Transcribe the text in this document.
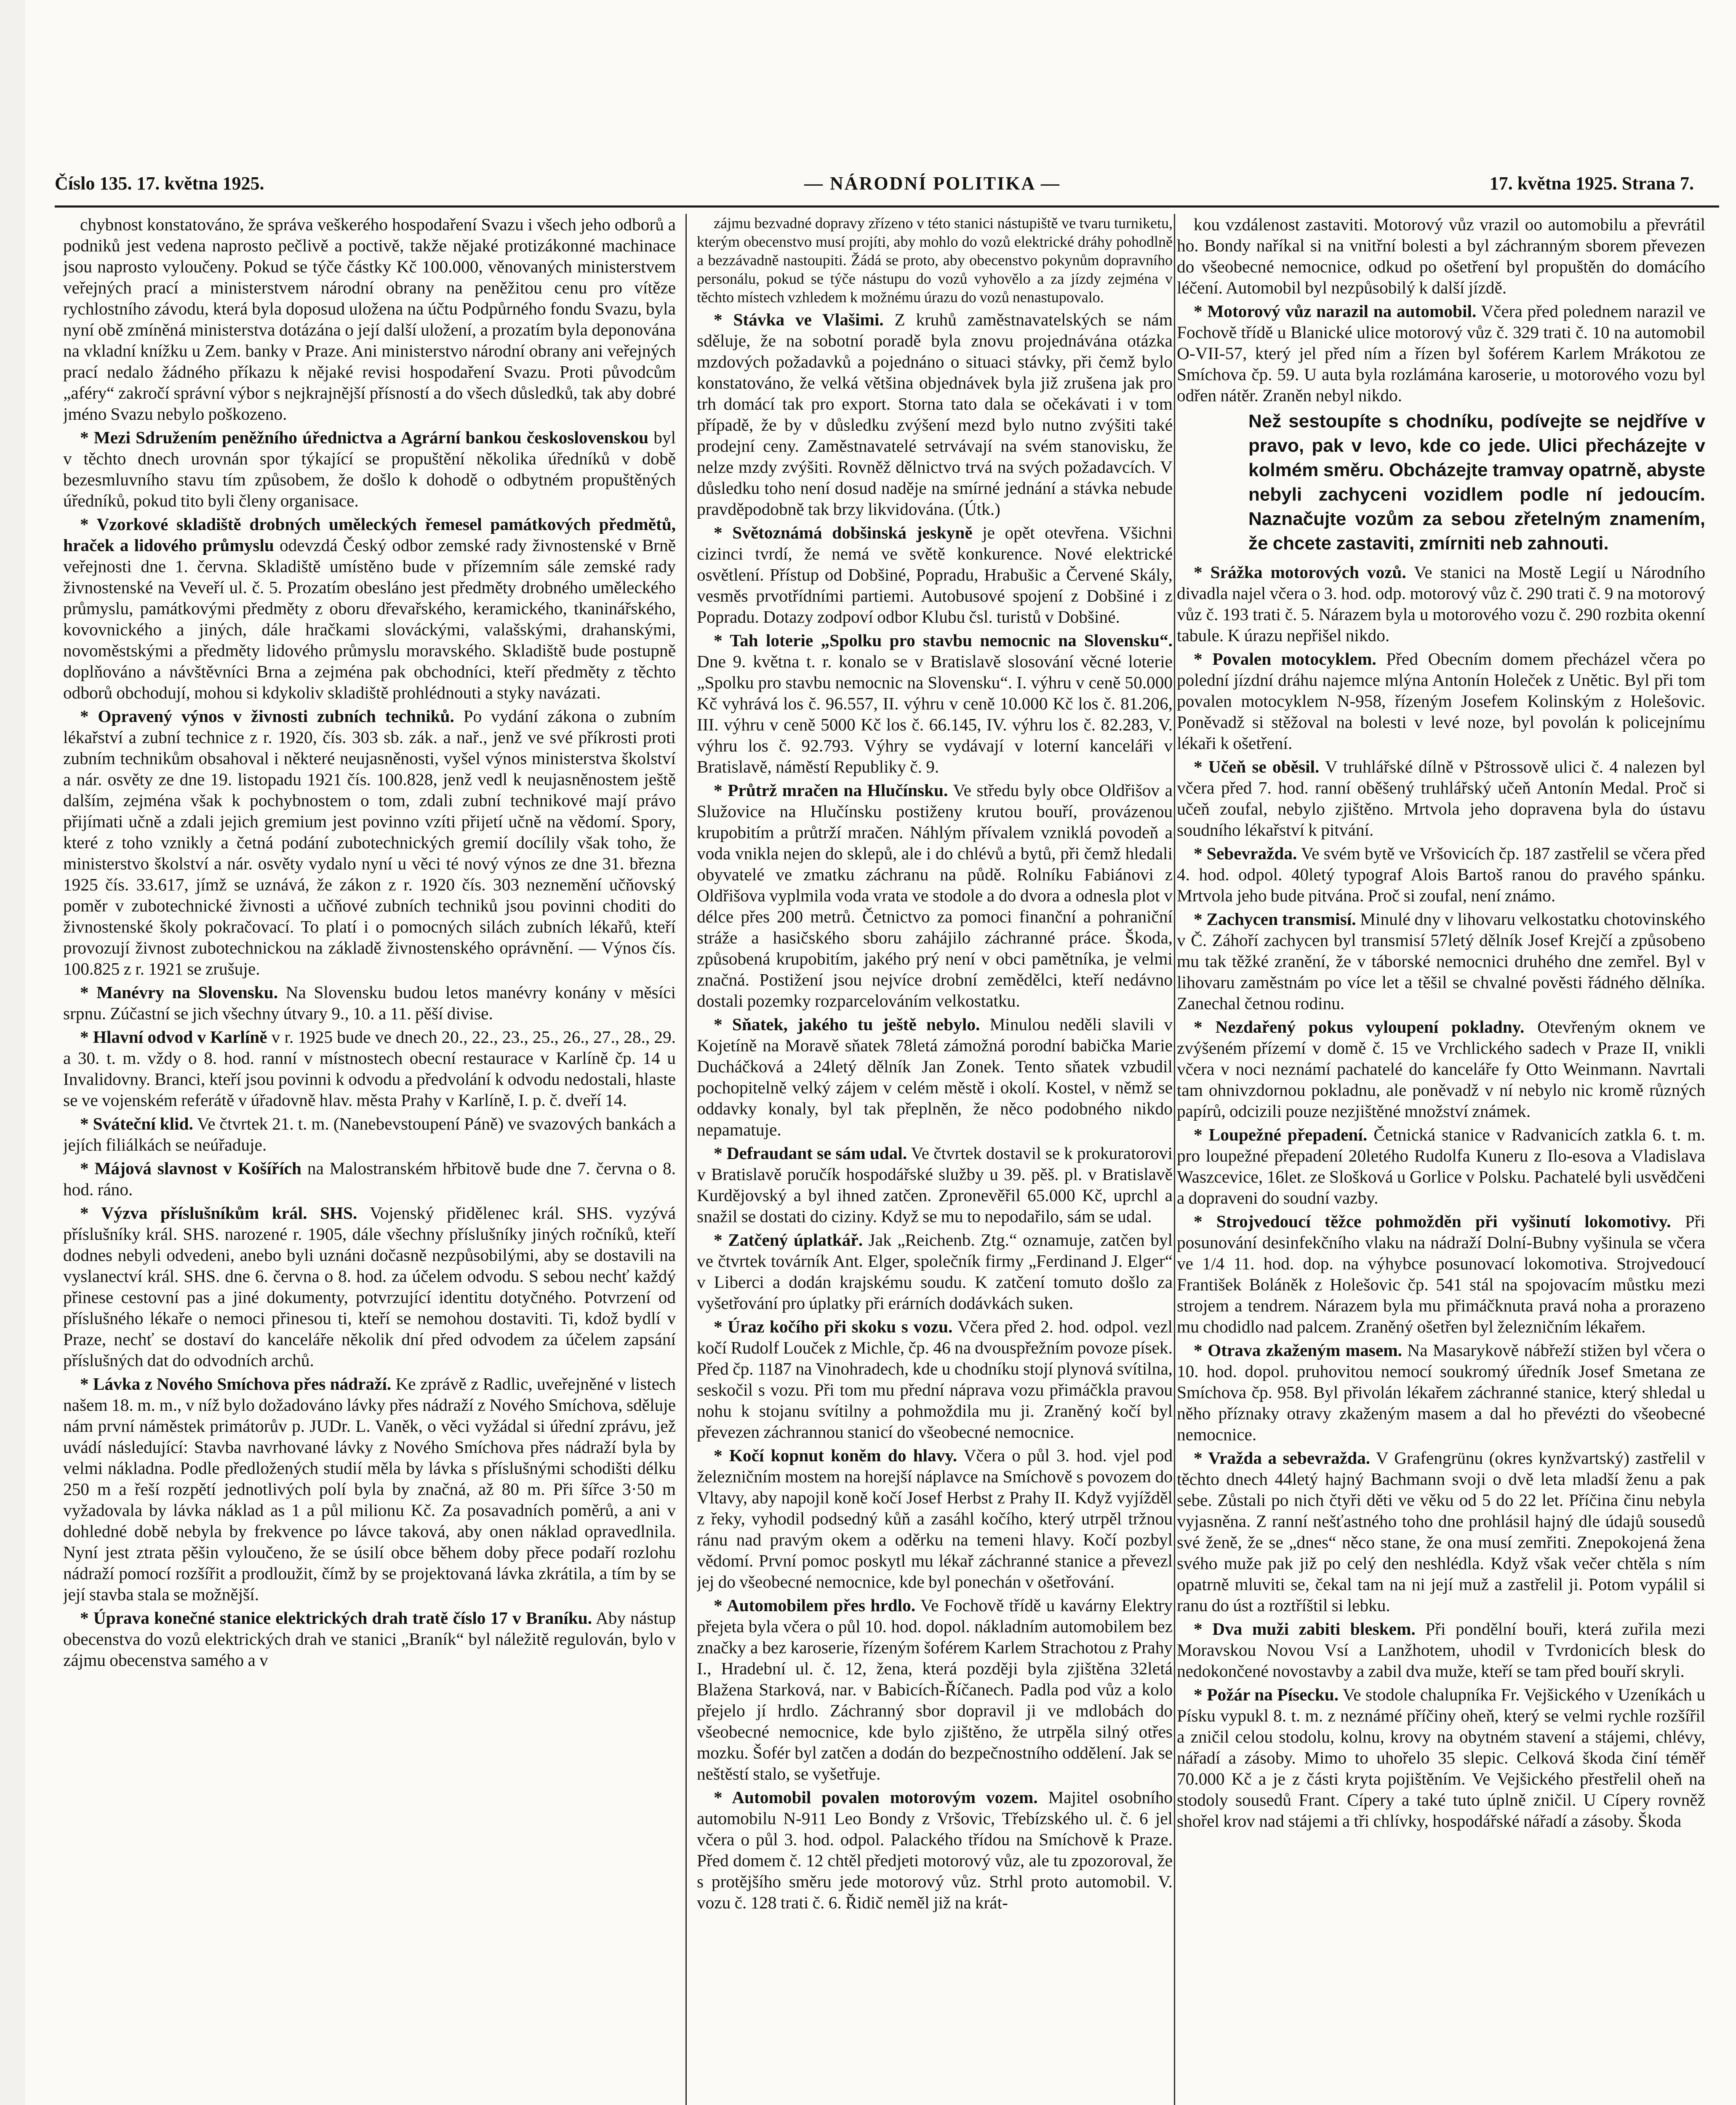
Číslo 135. 17. května 1925.	— NÁRODNÍ POLITIKA —	17. května 1925. Strana 7.

chybnost konstatováno, že správa veškerého hospodaření Svazu i všech jeho odborů a podniků jest vedena naprosto pečlivě a poctivě, takže nějaké protizákonné machinace jsou naprosto vyloučeny. Pokud se týče částky Kč 100.000, věnovaných ministerstvem veřejných prací a ministerstvem národní obrany na peněžitou cenu pro vítěze rychlostního závodu, která byla doposud uložena na účtu Podpůrného fondu Svazu, byla nyní obě zmíněná ministerstva dotázána o její další uložení, a prozatím byla deponována na vkladní knížku u Zem. banky v Praze. Ani ministerstvo národní obrany ani veřejných prací nedalo žádného příkazu k nějaké revisi hospodaření Svazu. Proti původcům „aféry“ zakročí správní výbor s nejkrajnější přísností a do všech důsledků, tak aby dobré jméno Svazu nebylo poškozeno.

* Mezi Sdružením peněžního úřednictva a Agrární bankou československou byl v těchto dnech urovnán spor týkající se propuštění několika úředníků v době bezesmluvního stavu tím způsobem, že došlo k dohodě o odbytném propuštěných úředníků, pokud tito byli členy organisace.

* Vzorkové skladiště drobných uměleckých řemesel památkových předmětů, hraček a lidového průmyslu odevzdá Český odbor zemské rady živnostenské v Brně veřejnosti dne 1. června. Skladiště umístěno bude v přízemním sále zemské rady živnostenské na Veveří ul. č. 5. Prozatím obesláno jest předměty drobného uměleckého průmyslu, památkovými předměty z oboru dřevařského, keramického, tkaninářského, kovovnického a jiných, dále hračkami slováckými, valašskými, drahanskými, novoměstskými a předměty lidového průmyslu moravského. Skladiště bude postupně doplňováno a návštěvníci Brna a zejména pak obchodníci, kteří předměty z těchto odborů obchodují, mohou si kdykoliv skladiště prohlédnouti a styky navázati.

* Opravený výnos v živnosti zubních techniků. Po vydání zákona o zubním lékařství a zubní technice z r. 1920, čís. 303 sb. zák. a nař., jenž ve své příkrosti proti zubním technikům obsahoval i některé neujasněnosti, vyšel výnos ministerstva školství a nár. osvěty ze dne 19. listopadu 1921 čís. 100.828, jenž vedl k neujasněnostem ještě dalším, zejména však k pochybnostem o tom, zdali zubní technikové mají právo přijímati učně a zdali jejich gremium jest povinno vzíti přijetí učně na vědomí. Spory, které z toho vznikly a četná podání zubotechnických gremií docílily však toho, že ministerstvo školství a nár. osvěty vydalo nyní u věci té nový výnos ze dne 31. března 1925 čís. 33.617, jímž se uznává, že zákon z r. 1920 čís. 303 neznemění učňovský poměr v zubotechnické živnosti a učňové zubních techniků jsou povinni choditi do živnostenské školy pokračovací. To platí i o pomocných silách zubních lékařů, kteří provozují živnost zubotechnickou na základě živnostenského oprávnění. — Výnos čís. 100.825 z r. 1921 se zrušuje.

* Manévry na Slovensku. Na Slovensku budou letos manévry konány v měsíci srpnu. Zúčastní se jich všechny útvary 9., 10. a 11. pěší divise.

* Hlavní odvod v Karlíně v r. 1925 bude ve dnech 20., 22., 23., 25., 26., 27., 28., 29. a 30. t. m. vždy o 8. hod. ranní v místnostech obecní restaurace v Karlíně čp. 14 u Invalidovny. Branci, kteří jsou povinni k odvodu a předvolání k odvodu nedostali, hlaste se ve vojenském referátě v úřadovně hlav. města Prahy v Karlíně, I. p. č. dveří 14.

* Sváteční klid. Ve čtvrtek 21. t. m. (Nanebevstoupení Páně) ve svazových bankách a jejích filiálkách se neúřaduje.

* Májová slavnost v Košířích na Malostranském hřbitově bude dne 7. června o 8. hod. ráno.

* Výzva příslušníkům král. SHS. Vojenský přidělenec král. SHS. vyzývá příslušníky král. SHS. narozené r. 1905, dále všechny příslušníky jiných ročníků, kteří dodnes nebyli odvedeni, anebo byli uznáni dočasně nezpůsobilými, aby se dostavili na vyslanectví král. SHS. dne 6. června o 8. hod. za účelem odvodu. S sebou nechť každý přinese cestovní pas a jiné dokumenty, potvrzující identitu dotyčného. Potvrzení od příslušného lékaře o nemoci přinesou ti, kteří se nemohou dostaviti. Ti, kdož bydlí v Praze, nechť se dostaví do kanceláře několik dní před odvodem za účelem zapsání příslušných dat do odvodních archů.

* Lávka z Nového Smíchova přes nádraží. Ke zprávě z Radlic, uveřejněné v listech našem 18. m. m., v níž bylo dožadováno lávky přes nádraží z Nového Smíchova, sděluje nám první náměstek primátorův p. JUDr. L. Vaněk, o věci vyžádal si úřední zprávu, jež uvádí následující: Stavba navrhované lávky z Nového Smíchova přes nádraží byla by velmi nákladna. Podle předložených studií měla by lávka s příslušnými schodišti délku 250 m a řeší rozpětí jednotlivých polí byla by značná, až 80 m. Při šířce 3·50 m vyžadovala by lávka náklad as 1 a půl milionu Kč. Za posavadních poměrů, a ani v dohledné době nebyla by frekvence po lávce taková, aby onen náklad opravedlnila. Nyní jest ztrata pěšin vyloučeno, že se úsilí obce během doby přece podaří rozlohu nádraží pomocí rozšířit a prodloužit, čímž by se projektovaná lávka zkrátila, a tím by se její stavba stala se možnější.

* Úprava konečné stanice elektrických drah tratě číslo 17 v Braníku. Aby nástup obecenstva do vozů elektrických drah ve stanici „Braník“ byl náležitě regulován, bylo v zájmu obecenstva samého a v

zájmu bezvadné dopravy zřízeno v této stanici nástupiště ve tvaru turniketu, kterým obecenstvo musí projíti, aby mohlo do vozů elektrické dráhy pohodlně a bezzávadně nastoupiti. Žádá se proto, aby obecenstvo pokynům dopravního personálu, pokud se týče nástupu do vozů vyhovělo a za jízdy zejména v těchto místech vzhledem k možnému úrazu do vozů nenastupovalo.

* Stávka ve Vlašimi. Z kruhů zaměstnavatelských se nám sděluje, že na sobotní poradě byla znovu projednávána otázka mzdových požadavků a pojednáno o situaci stávky, při čemž bylo konstatováno, že velká většina objednávek byla již zrušena jak pro trh domácí tak pro export. Storna tato dala se očekávati i v tom případě, že by v důsledku zvýšení mezd bylo nutno zvýšiti také prodejní ceny. Zaměstnavatelé setrvávají na svém stanovisku, že nelze mzdy zvýšiti. Rovněž dělnictvo trvá na svých požadavcích. V důsledku toho není dosud naděje na smírné jednání a stávka nebude pravděpodobně tak brzy likvidována. (Útk.)

* Světoznámá dobšinská jeskyně je opět otevřena. Všichni cizinci tvrdí, že nemá ve světě konkurence. Nové elektrické osvětlení. Přístup od Dobšiné, Popradu, Hrabušic a Červené Skály, vesměs prvotřídními partiemi. Autobusové spojení z Dobšiné i z Popradu. Dotazy zodpoví odbor Klubu čsl. turistů v Dobšiné.

* Tah loterie „Spolku pro stavbu nemocnic na Slovensku“. Dne 9. května t. r. konalo se v Bratislavě slosování věcné loterie „Spolku pro stavbu nemocnic na Slovensku“. I. výhru v ceně 50.000 Kč vyhrává los č. 96.557, II. výhru v ceně 10.000 Kč los č. 81.206, III. výhru v ceně 5000 Kč los č. 66.145, IV. výhru los č. 82.283, V. výhru los č. 92.793. Výhry se vydávají v loterní kanceláři v Bratislavě, náměstí Republiky č. 9.

* Průtrž mračen na Hlučínsku. Ve středu byly obce Oldřišov a Služovice na Hlučínsku postiženy krutou bouří, provázenou krupobitím a průtrží mračen. Náhlým přívalem vzniklá povodeň a voda vnikla nejen do sklepů, ale i do chlévů a bytů, při čemž hledali obyvatelé ve zmatku záchranu na půdě. Rolníku Fabiánovi z Oldřišova vyplmila voda vrata ve stodole a do dvora a odnesla plot v délce přes 200 metrů. Četnictvo za pomoci finanční a pohraniční stráže a hasičského sboru zahájilo záchranné práce. Škoda, způsobená krupobitím, jakého prý není v obci pamětníka, je velmi značná. Postižení jsou nejvíce drobní zemědělci, kteří nedávno dostali pozemky rozparcelováním velkostatku.

* Sňatek, jakého tu ještě nebylo. Minulou neděli slavili v Kojetíně na Moravě sňatek 78letá zámožná porodní babička Marie Ducháčková a 24letý dělník Jan Zonek. Tento sňatek vzbudil pochopitelně velký zájem v celém městě i okolí. Kostel, v němž se oddavky konaly, byl tak přeplněn, že něco podobného nikdo nepamatuje.

* Defraudant se sám udal. Ve čtvrtek dostavil se k prokuratorovi v Bratislavě poručík hospodářské služby u 39. pěš. pl. v Bratislavě Kurdějovský a byl ihned zatčen. Zpronevěřil 65.000 Kč, uprchl a snažil se dostati do ciziny. Když se mu to nepodařilo, sám se udal.

* Zatčený úplatkář. Jak „Reichenb. Ztg.“ oznamuje, zatčen byl ve čtvrtek továrník Ant. Elger, společník firmy „Ferdinand J. Elger“ v Liberci a dodán krajskému soudu. K zatčení tomuto došlo za vyšetřování pro úplatky při erárních dodávkách suken.

* Úraz kočího při skoku s vozu. Včera před 2. hod. odpol. vezl kočí Rudolf Louček z Michle, čp. 46 na dvouspřežním povoze písek. Před čp. 1187 na Vinohradech, kde u chodníku stojí plynová svítilna, seskočil s vozu. Při tom mu přední náprava vozu přimáčkla pravou nohu k stojanu svítilny a pohmoždila mu ji. Zraněný kočí byl převezen záchrannou stanicí do všeobecné nemocnice.

* Kočí kopnut koněm do hlavy. Včera o půl 3. hod. vjel pod železničním mostem na horejší náplavce na Smíchově s povozem do Vltavy, aby napojil koně kočí Josef Herbst z Prahy II. Když vyjížděl z řeky, vyhodil podsedný kůň a zasáhl kočího, který utrpěl tržnou ránu nad pravým okem a oděrku na temeni hlavy. Kočí pozbyl vědomí. První pomoc poskytl mu lékař záchranné stanice a převezl jej do všeobecné nemocnice, kde byl ponechán v ošetřování.

* Automobilem přes hrdlo. Ve Fochově třídě u kavárny Elektry přejeta byla včera o půl 10. hod. dopol. nákladním automobilem bez značky a bez karoserie, řízeným šoférem Karlem Strachotou z Prahy I., Hradební ul. č. 12, žena, která později byla zjištěna 32letá Blažena Starková, nar. v Babicích-Říčanech. Padla pod vůz a kolo přejelo jí hrdlo. Záchranný sbor dopravil ji ve mdlobách do všeobecné nemocnice, kde bylo zjištěno, že utrpěla silný otřes mozku. Šofér byl zatčen a dodán do bezpečnostního oddělení. Jak se neštěstí stalo, se vyšetřuje.

* Automobil povalen motorovým vozem. Majitel osobního automobilu N-911 Leo Bondy z Vršovic, Třebízského ul. č. 6 jel včera o půl 3. hod. odpol. Palackého třídou na Smíchově k Praze. Před domem č. 12 chtěl předjeti motorový vůz, ale tu zpozoroval, že s protějšího směru jede motorový vůz. Strhl proto automobil. V. vozu č. 128 trati č. 6. Řidič neměl již na krát-

kou vzdálenost zastaviti. Motorový vůz vrazil oo automobilu a převrátil ho. Bondy naříkal si na vnitřní bolesti a byl záchranným sborem převezen do všeobecné nemocnice, odkud po ošetření byl propuštěn do domácího léčení. Automobil byl nezpůsobilý k další jízdě.

* Motorový vůz narazil na automobil. Včera před polednem narazil ve Fochově třídě u Blanické ulice motorový vůz č. 329 trati č. 10 na automobil O-VII-57, který jel před ním a řízen byl šoférem Karlem Mrákotou ze Smíchova čp. 59. U auta byla rozlámána karoserie, u motorového vozu byl odřen nátěr. Zraněn nebyl nikdo.

Než sestoupíte s chodníku, podívejte se nejdříve v pravo, pak v levo, kde co jede. Ulici přecházejte v kolmém směru. Obcházejte tramvay opatrně, abyste nebyli zachyceni vozidlem podle ní jedoucím. Naznačujte vozům za sebou zřetelným znamením, že chcete zastaviti, zmírniti neb zahnouti.

* Srážka motorových vozů. Ve stanici na Mostě Legií u Národního divadla najel včera o 3. hod. odp. motorový vůz č. 290 trati č. 9 na motorový vůz č. 193 trati č. 5. Nárazem byla u motorového vozu č. 290 rozbita okenní tabule. K úrazu nepřišel nikdo.

* Povalen motocyklem. Před Obecním domem přecházel včera po polední jízdní dráhu najemce mlýna Antonín Holeček z Unětic. Byl při tom povalen motocyklem N-958, řízeným Josefem Kolinským z Holešovic. Poněvadž si stěžoval na bolesti v levé noze, byl povolán k policejnímu lékaři k ošetření.

* Učeň se oběsil. V truhlářské dílně v Pštrossově ulici č. 4 nalezen byl včera před 7. hod. ranní oběšený truhlářský učeň Antonín Medal. Proč si učeň zoufal, nebylo zjištěno. Mrtvola jeho dopravena byla do ústavu soudního lékařství k pitvání.

* Sebevražda. Ve svém bytě ve Vršovicích čp. 187 zastřelil se včera před 4. hod. odpol. 40letý typograf Alois Bartoš ranou do pravého spánku. Mrtvola jeho bude pitvána. Proč si zoufal, není známo.

* Zachycen transmisí. Minulé dny v lihovaru velkostatku chotovinského v Č. Záhoří zachycen byl transmisí 57letý dělník Josef Krejčí a způsobeno mu tak těžké zranění, že v táborské nemocnici druhého dne zemřel. Byl v lihovaru zaměstnám po více let a těšil se chvalné pověsti řádného dělníka. Zanechal četnou rodinu.

* Nezdařený pokus vyloupení pokladny. Otevřeným oknem ve zvýšeném přízemí v domě č. 15 ve Vrchlického sadech v Praze II, vnikli včera v noci neznámí pachatelé do kanceláře fy Otto Weinmann. Navrtali tam ohnivzdornou pokladnu, ale poněvadž v ní nebylo nic kromě různých papírů, odcizili pouze nezjištěné množství známek.

* Loupežné přepadení. Četnická stanice v Radvanicích zatkla 6. t. m. pro loupežné přepadení 20letého Rudolfa Kuneru z Ilo-esova a Vladislava Waszcevice, 16let. ze Slošková u Gorlice v Polsku. Pachatelé byli usvědčeni a dopraveni do soudní vazby.

* Strojvedoucí těžce pohmožděn při vyšinutí lokomotivy. Při posunování desinfekčního vlaku na nádraží Dolní-Bubny vyšinula se včera ve 1/4 11. hod. dop. na výhybce posunovací lokomotiva. Strojvedoucí František Boláněk z Holešovic čp. 541 stál na spojovacím můstku mezi strojem a tendrem. Nárazem byla mu přimáčknuta pravá noha a prorazeno mu chodidlo nad palcem. Zraněný ošetřen byl železničním lékařem.

* Otrava zkaženým masem. Na Masarykově nábřeží stižen byl včera o 10. hod. dopol. pruhovitou nemocí soukromý úředník Josef Smetana ze Smíchova čp. 958. Byl přivolán lékařem záchranné stanice, který shledal u něho příznaky otravy zkaženým masem a dal ho převézti do všeobecné nemocnice.

* Vražda a sebevražda. V Grafengrünu (okres kynžvartský) zastřelil v těchto dnech 44letý hajný Bachmann svoji o dvě leta mladší ženu a pak sebe. Zůstali po nich čtyři děti ve věku od 5 do 22 let. Příčina činu nebyla vyjasněna. Z ranní nešťastného toho dne prohlásil hajný dle údajů sousedů své ženě, že se „dnes“ něco stane, že ona musí zemřiti. Znepokojená žena svého muže pak již po celý den neshlédla. Když však večer chtěla s ním opatrně mluviti se, čekal tam na ni její muž a zastřelil ji. Potom vypálil si ranu do úst a roztříštil si lebku.

* Dva muži zabiti bleskem. Při pondělní bouři, která zuřila mezi Moravskou Novou Vsí a Lanžhotem, uhodil v Tvrdonicích blesk do nedokončené novostavby a zabil dva muže, kteří se tam před bouří skryli.

* Požár na Písecku. Ve stodole chalupníka Fr. Vejšického v Uzeníkách u Písku vypukl 8. t. m. z neznámé příčiny oheň, který se velmi rychle rozšířil a zničil celou stodolu, kolnu, krovy na obytném stavení a stájemi, chlévy, nářadí a zásoby. Mimo to uhořelo 35 slepic. Celková škoda činí téměř 70.000 Kč a je z části kryta pojištěním. Ve Vejšického přestřelil oheň na stodoly sousedů Frant. Cípery a také tuto úplně zničil. U Cípery rovněž shořel krov nad stájemi a tři chlívky, hospodářské nářadí a zásoby. Škoda
